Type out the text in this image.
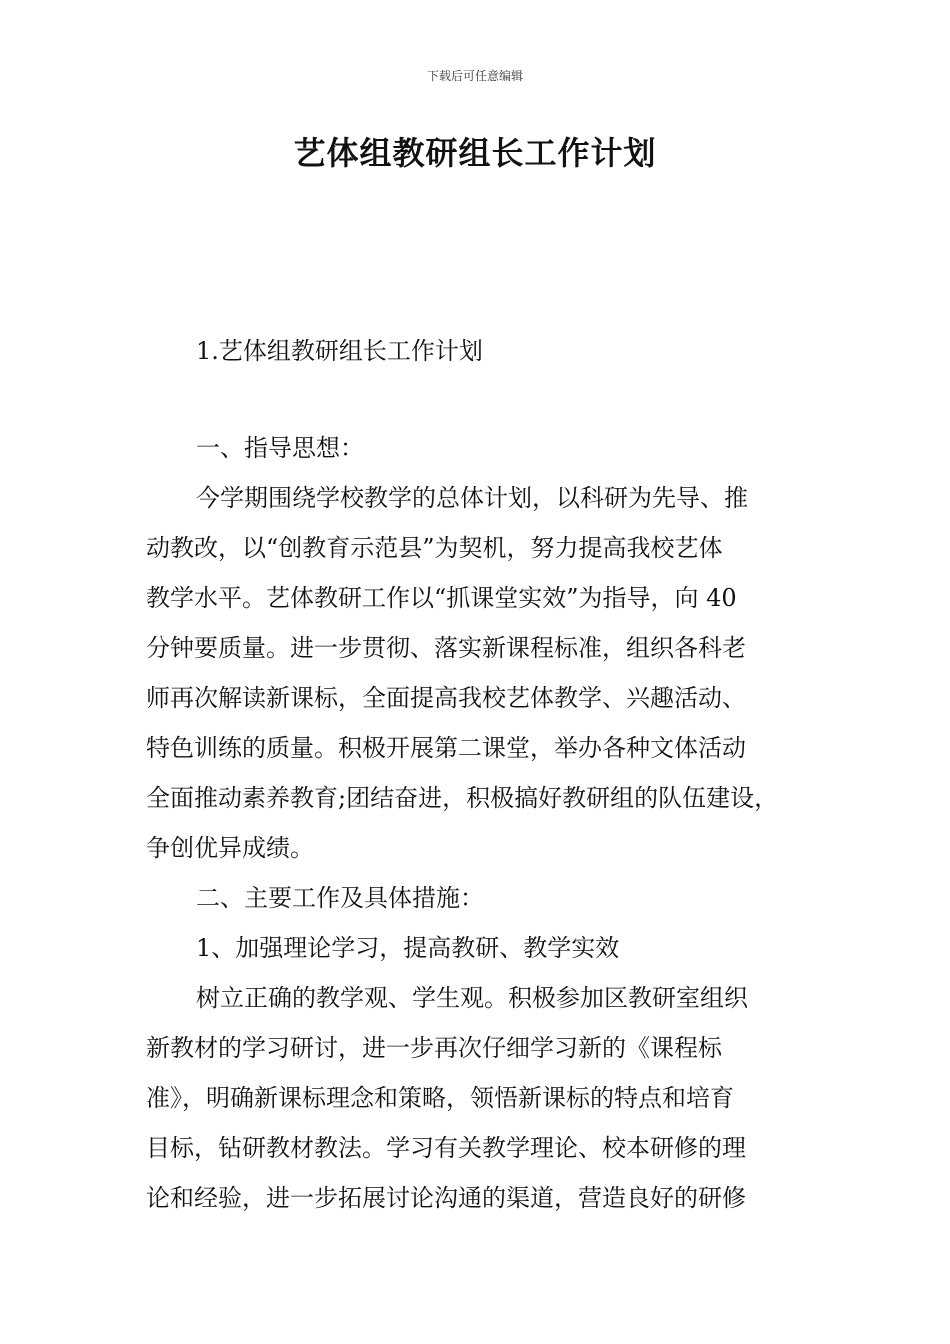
下载后可任意编辑
艺体组教研组长工作计划
1.艺体组教研组长工作计划
一、指导思想：
今学期围绕学校教学的总体计划，以科研为先导、推
动教改，以“创教育示范县”为契机，努力提高我校艺体
教学水平。艺体教研工作以“抓课堂实效”为指导，向 40
分钟要质量。进一步贯彻、落实新课程标准，组织各科老
师再次解读新课标，全面提高我校艺体教学、兴趣活动、
特色训练的质量。积极开展第二课堂，举办各种文体活动
全面推动素养教育;团结奋进，积极搞好教研组的队伍建设，
争创优异成绩。
二、主要工作及具体措施：
1、加强理论学习，提高教研、教学实效
树立正确的教学观、学生观。积极参加区教研室组织
新教材的学习研讨，进一步再次仔细学习新的《课程标
准》，明确新课标理念和策略，领悟新课标的特点和培育
目标，钻研教材教法。学习有关教学理论、校本研修的理
论和经验，进一步拓展讨论沟通的渠道，营造良好的研修
